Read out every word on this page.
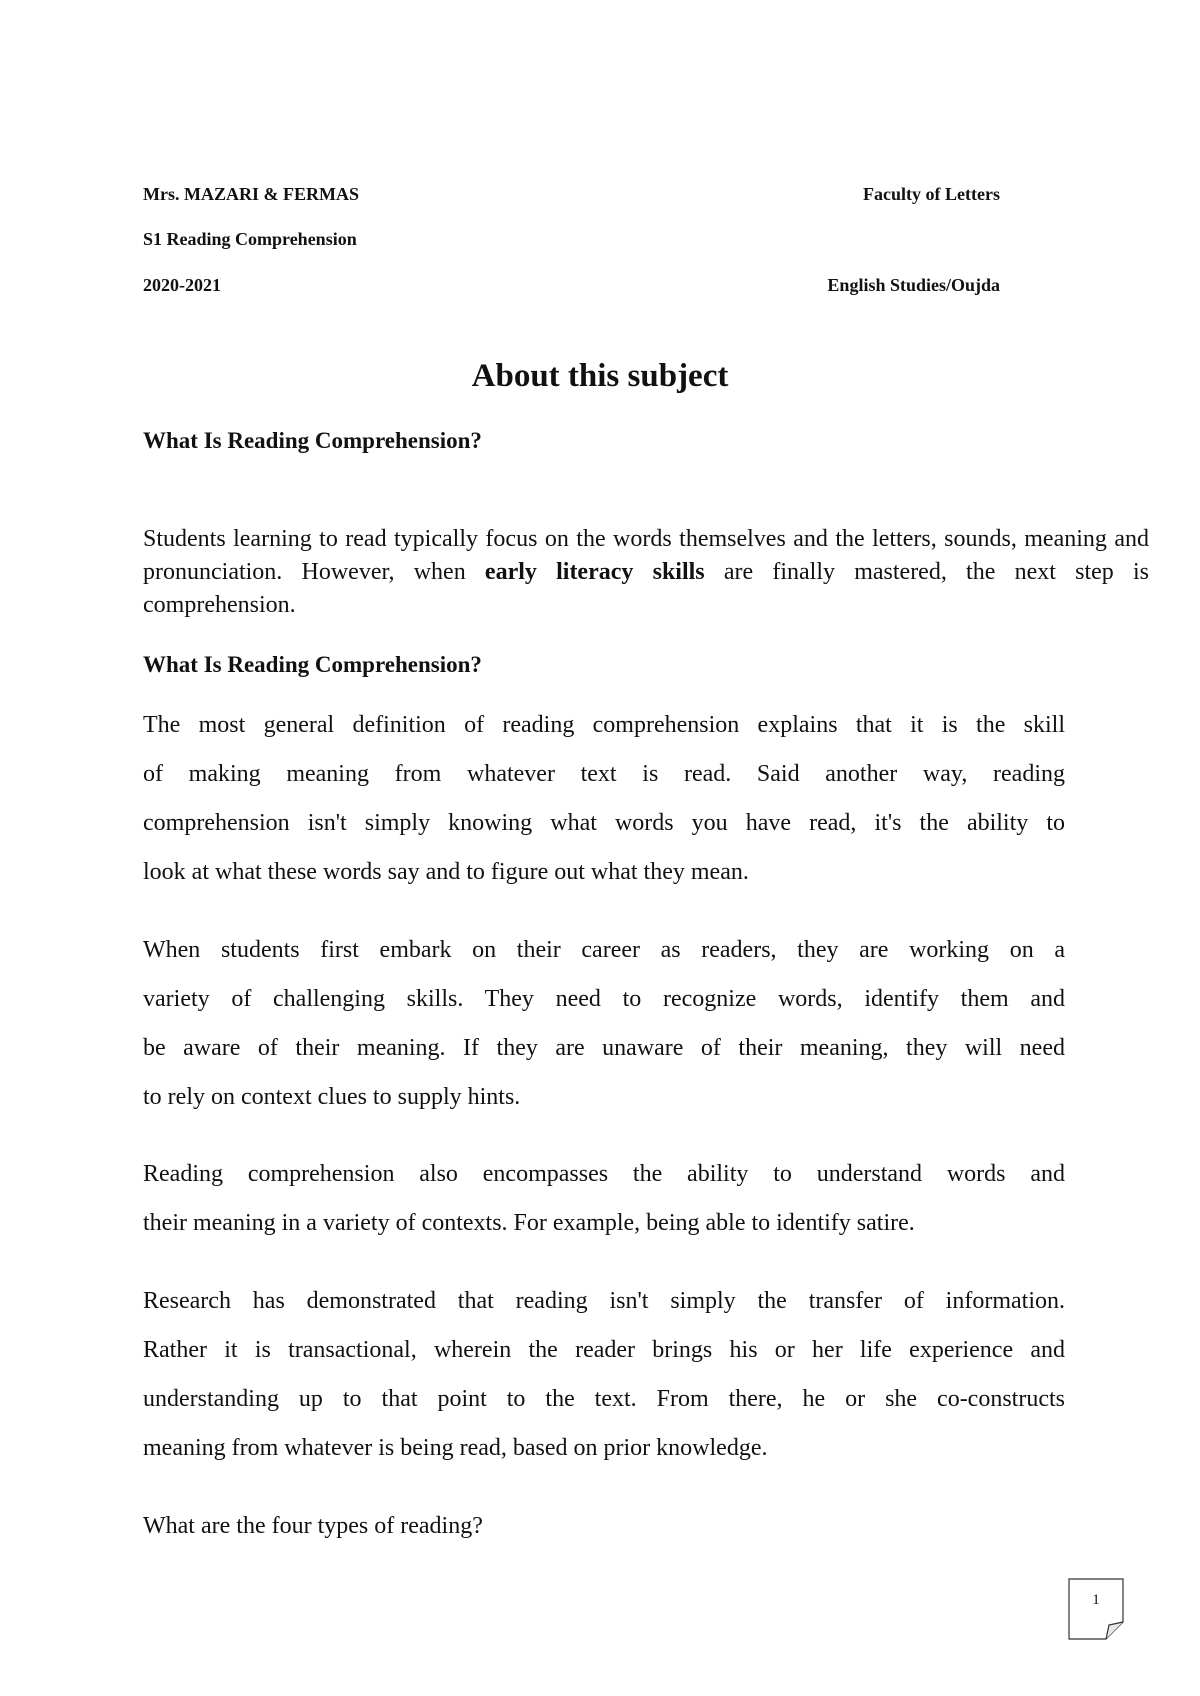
Mrs. MAZARI & FERMAS	Faculty of Letters
S1 Reading Comprehension
2020-2021	English Studies/Oujda
About this subject
What Is Reading Comprehension?

Students learning to read typically focus on the words themselves and the letters, sounds, meaning and pronunciation. However, when early literacy skills are finally mastered, the next step is comprehension.

What Is Reading Comprehension?
The most general definition of reading comprehension explains that it is the skill
of making meaning from whatever text is read. Said another way, reading
comprehension isn't simply knowing what words you have read, it's the ability to
look at what these words say and to figure out what they mean.
When students first embark on their career as readers, they are working on a
variety of challenging skills. They need to recognize words, identify them and
be aware of their meaning. If they are unaware of their meaning, they will need
to rely on context clues to supply hints.
Reading comprehension also encompasses the ability to understand words and
their meaning in a variety of contexts. For example, being able to identify satire.
Research has demonstrated that reading isn't simply the transfer of information.
Rather it is transactional, wherein the reader brings his or her life experience and
understanding up to that point to the text. From there, he or she co-constructs
meaning from whatever is being read, based on prior knowledge.
What are the four types of reading?
1
